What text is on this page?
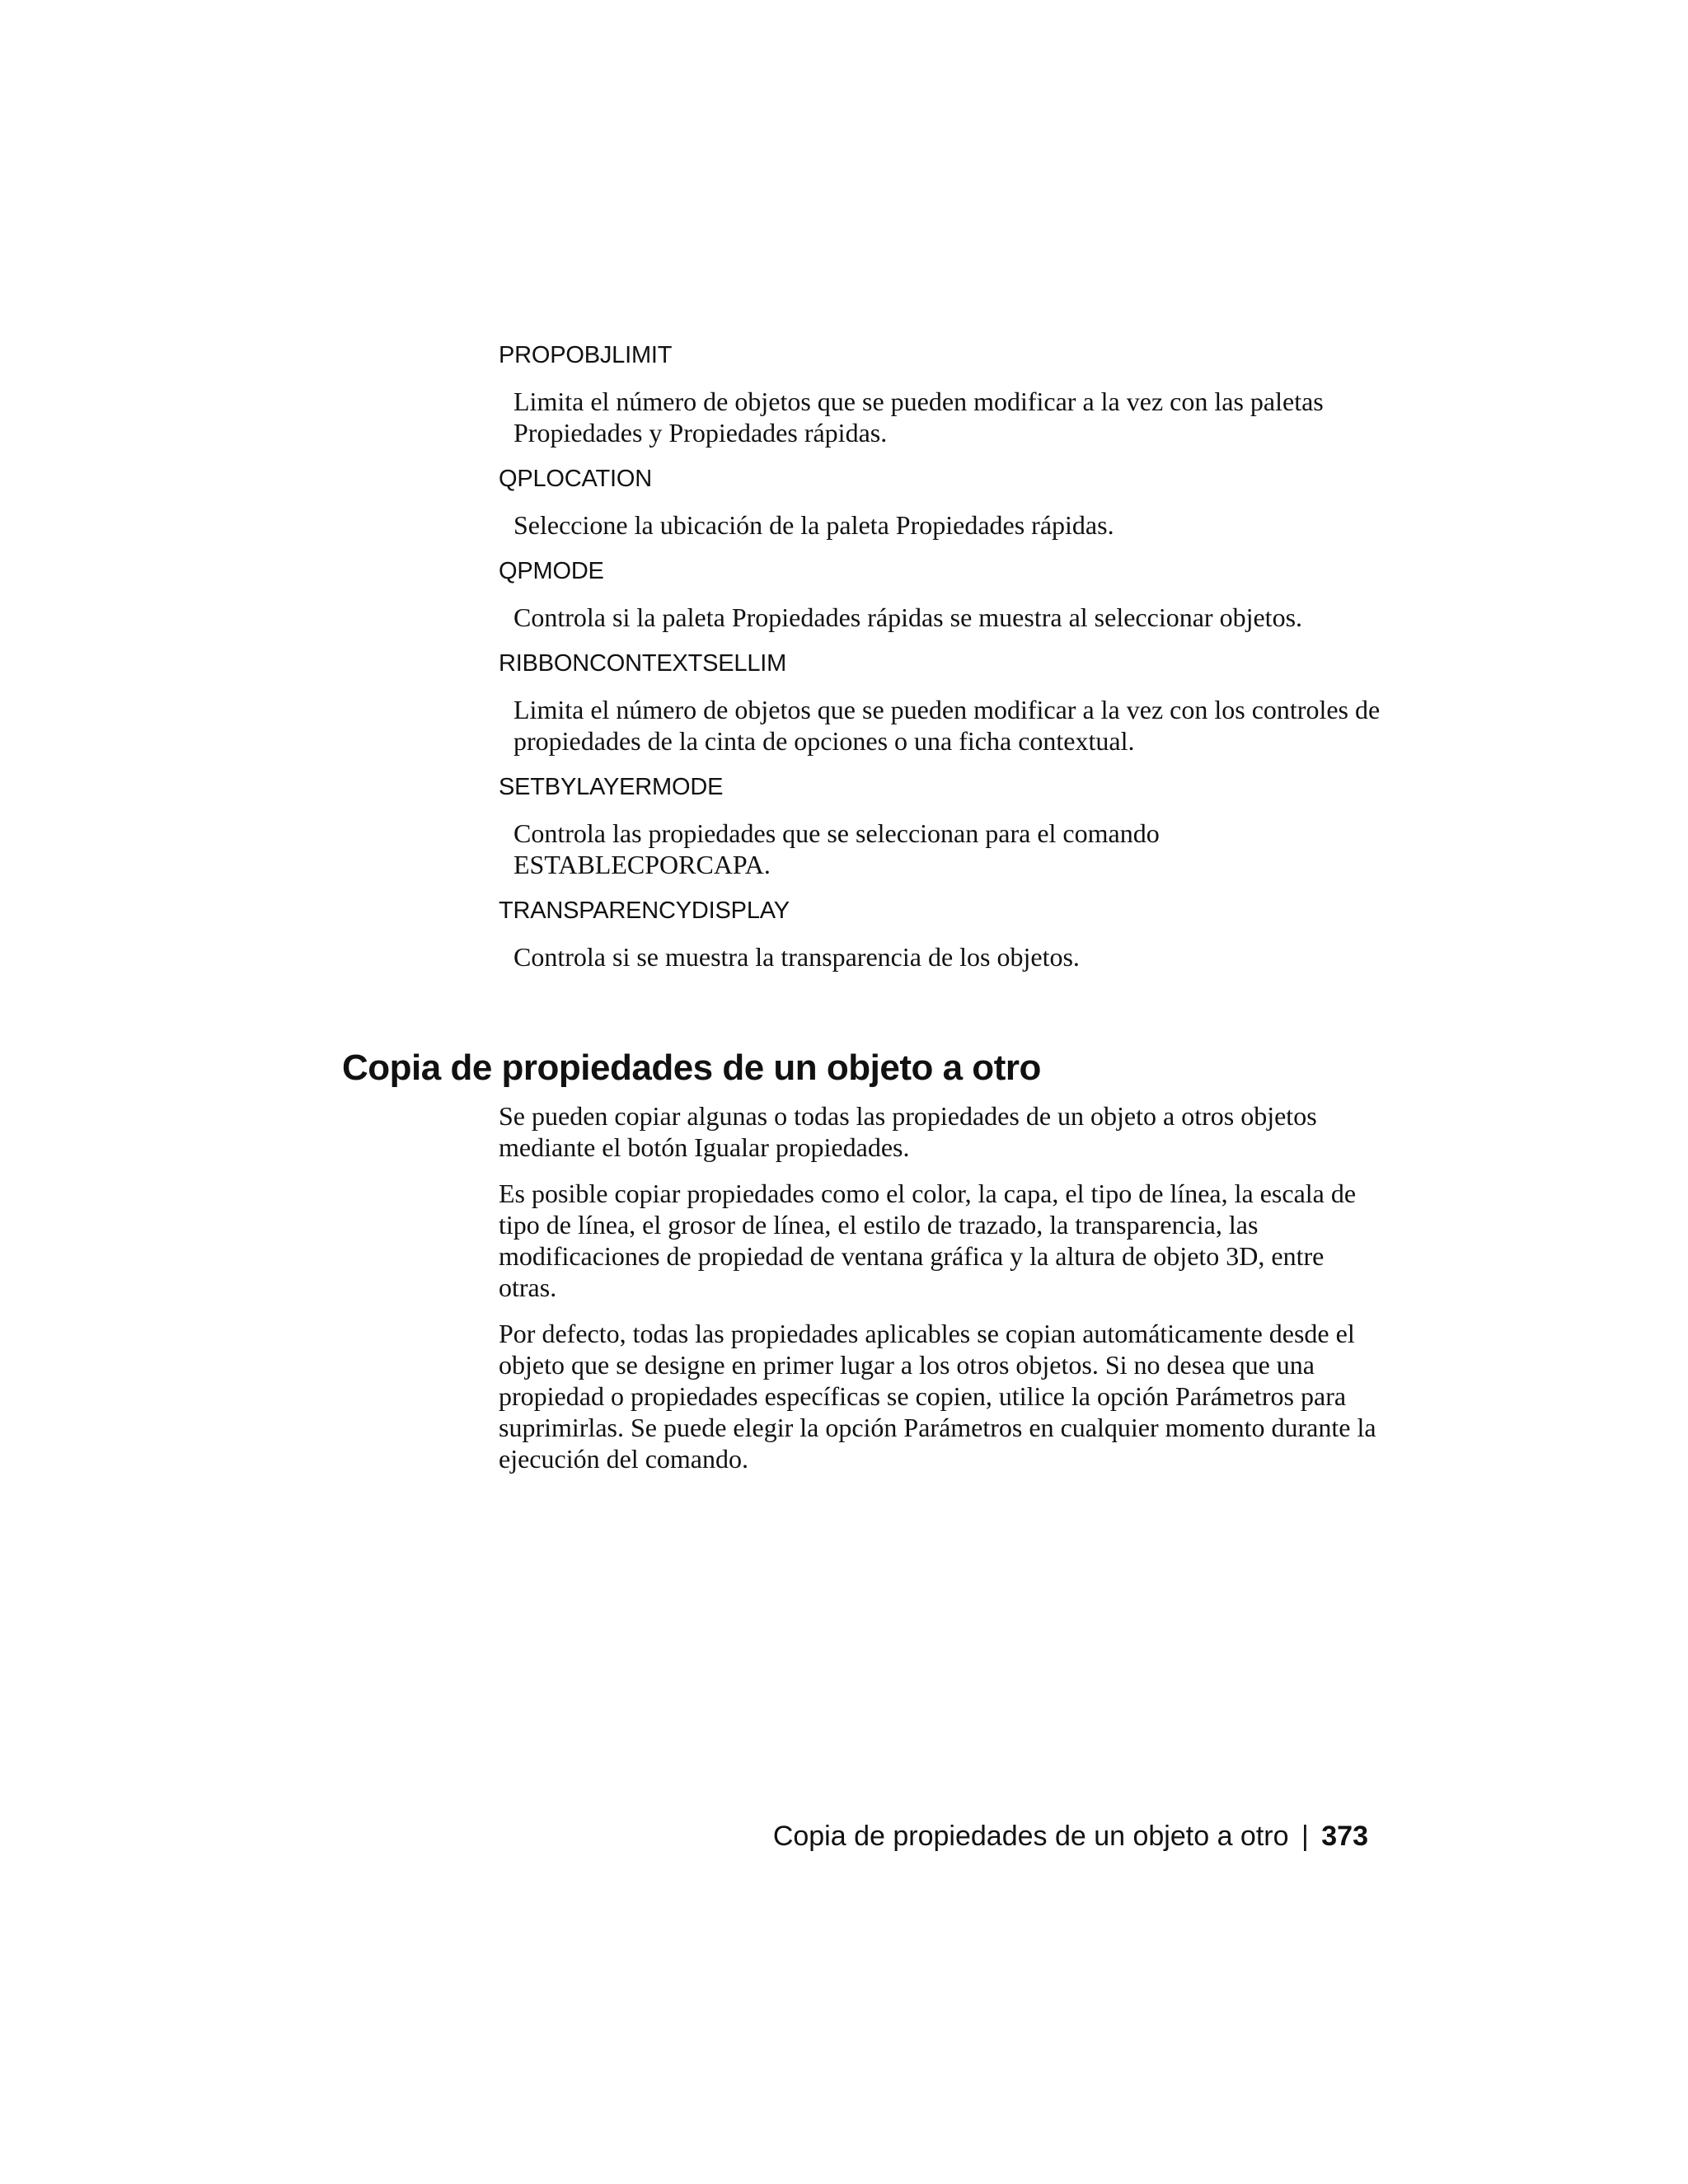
PROPOBJLIMIT

Limita el número de objetos que se pueden modificar a la vez con las paletas Propiedades y Propiedades rápidas.

QPLOCATION

Seleccione la ubicación de la paleta Propiedades rápidas.

QPMODE

Controla si la paleta Propiedades rápidas se muestra al seleccionar objetos.

RIBBONCONTEXTSELLIM

Limita el número de objetos que se pueden modificar a la vez con los controles de propiedades de la cinta de opciones o una ficha contextual.

SETBYLAYERMODE

Controla las propiedades que se seleccionan para el comando ESTABLECPORCAPA.

TRANSPARENCYDISPLAY

Controla si se muestra la transparencia de los objetos.

Copia de propiedades de un objeto a otro

Se pueden copiar algunas o todas las propiedades de un objeto a otros objetos mediante el botón Igualar propiedades.

Es posible copiar propiedades como el color, la capa, el tipo de línea, la escala de tipo de línea, el grosor de línea, el estilo de trazado, la transparencia, las modificaciones de propiedad de ventana gráfica y la altura de objeto 3D, entre otras.

Por defecto, todas las propiedades aplicables se copian automáticamente desde el objeto que se designe en primer lugar a los otros objetos. Si no desea que una propiedad o propiedades específicas se copien, utilice la opción Parámetros para suprimirlas. Se puede elegir la opción Parámetros en cualquier momento durante la ejecución del comando.

Copia de propiedades de un objeto a otro | 373
